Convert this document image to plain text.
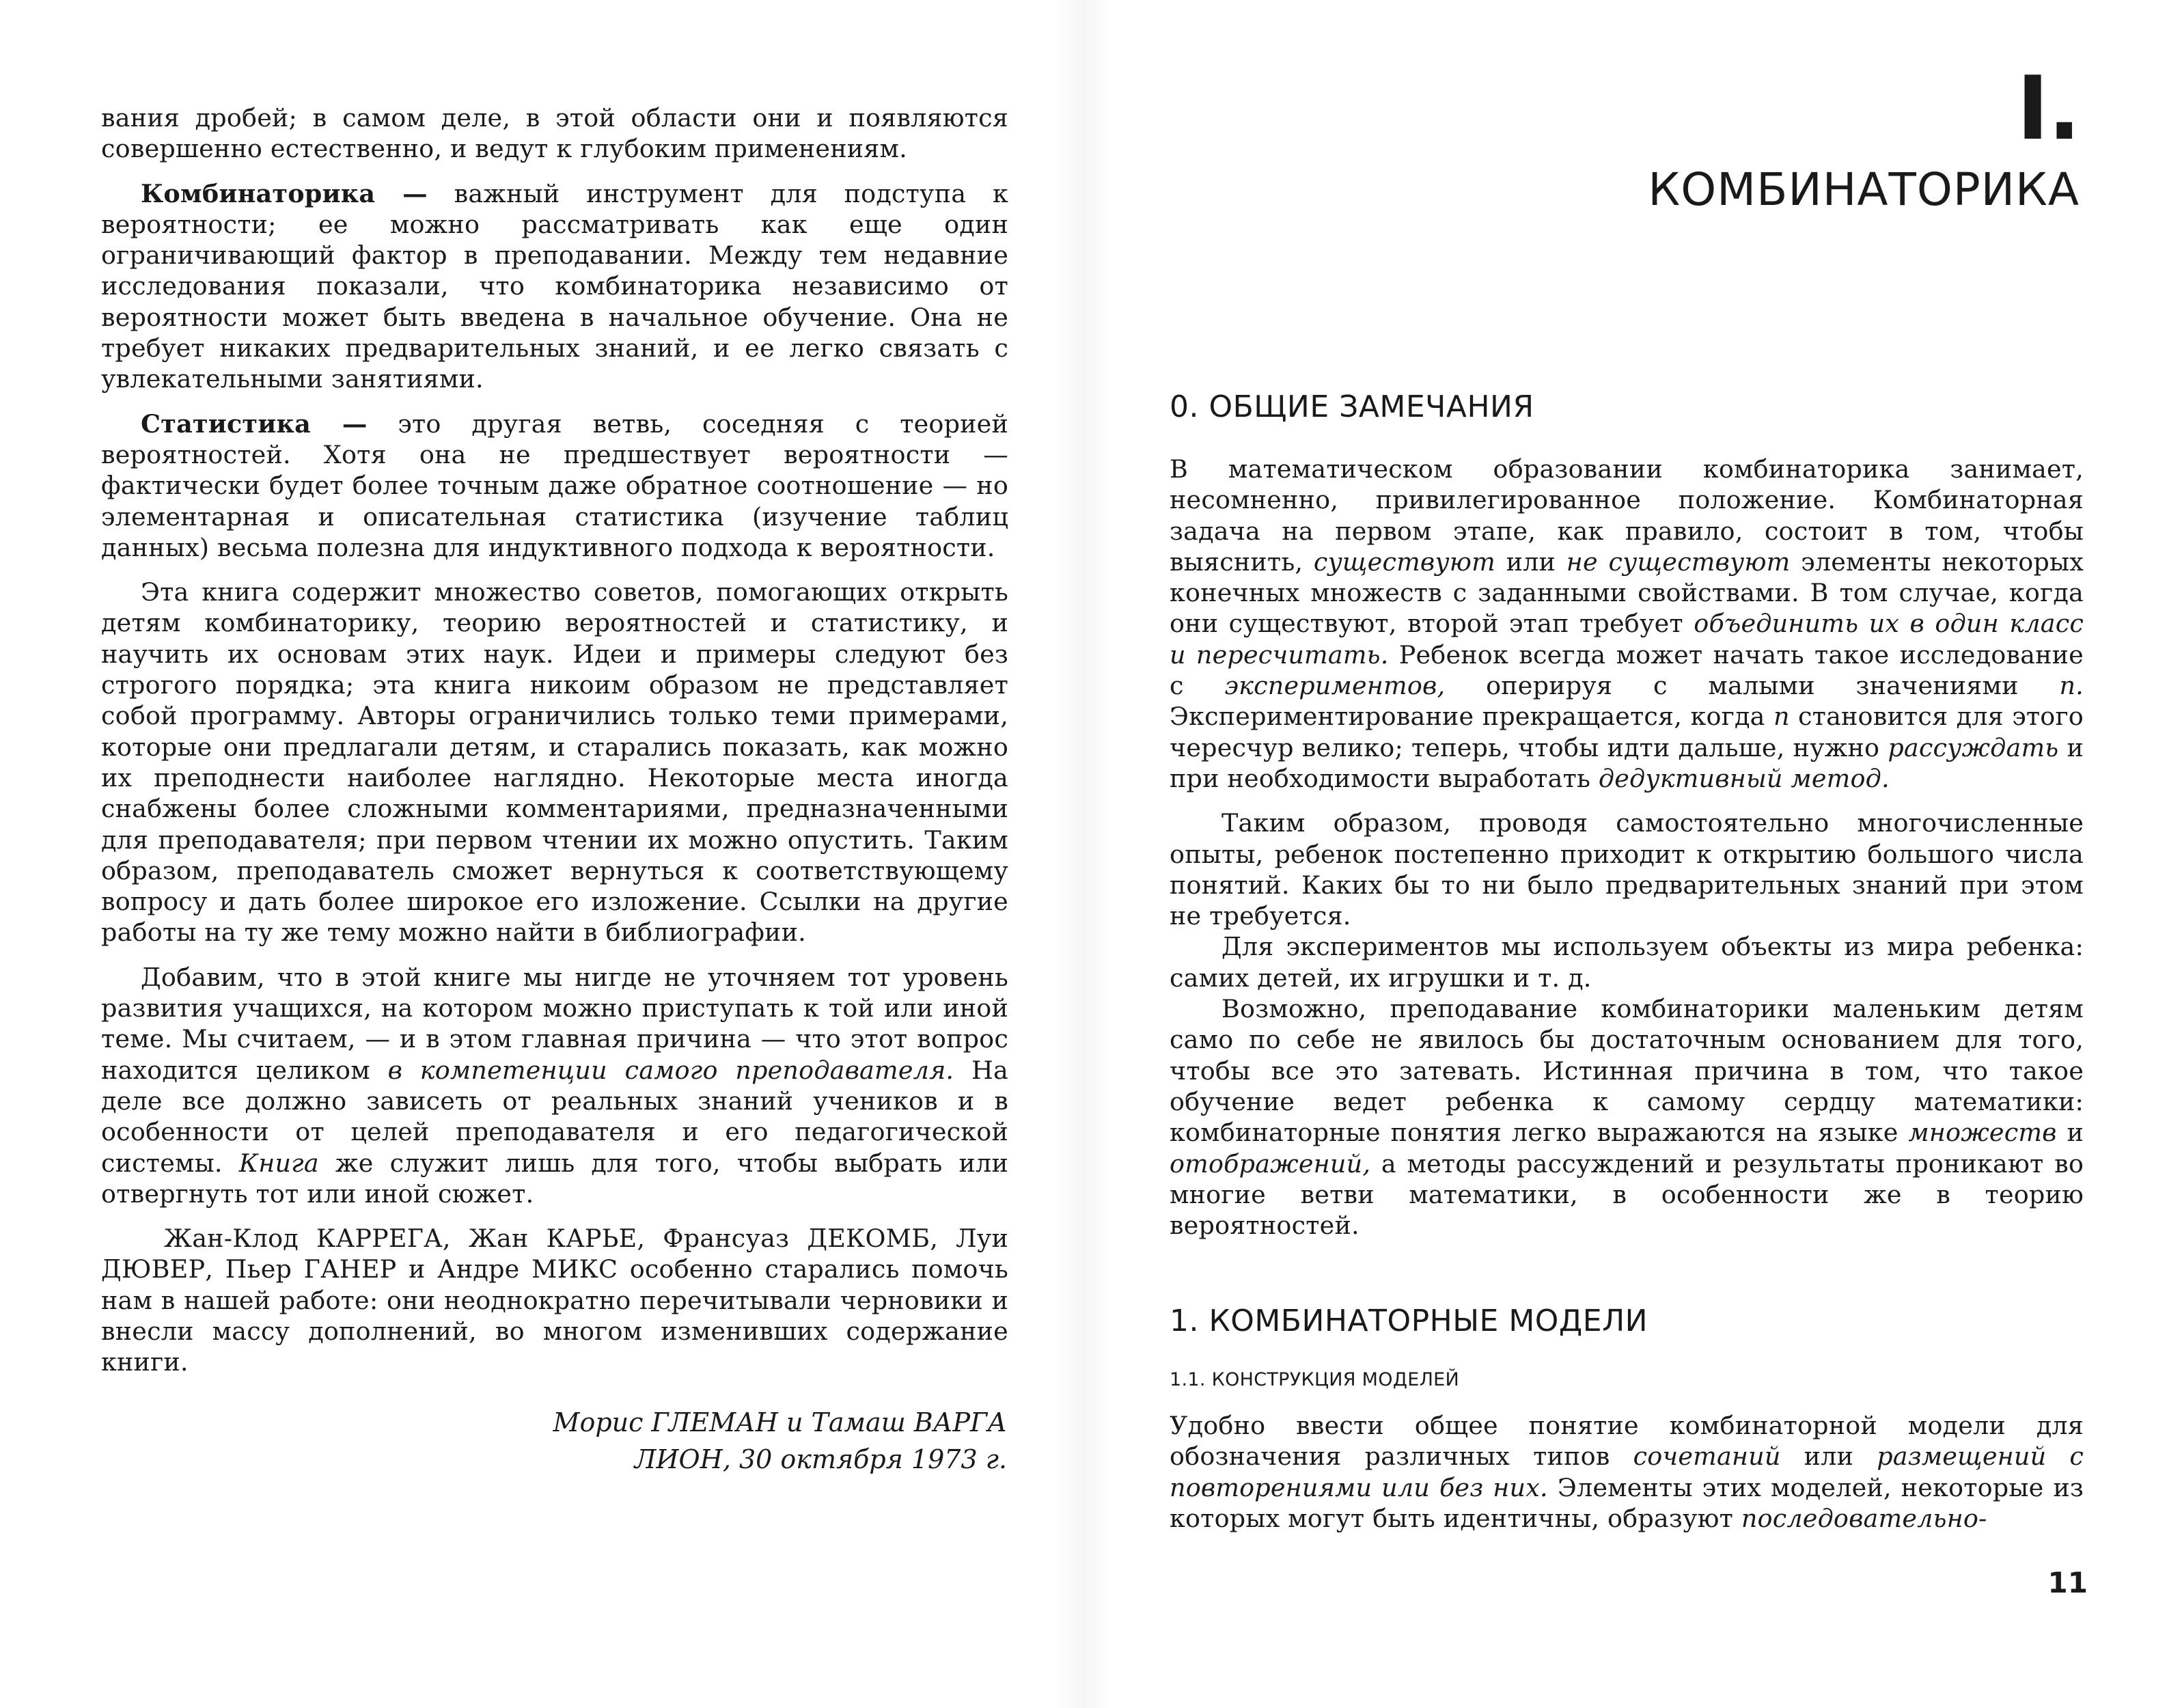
вания дробей; в самом деле, в этой области они и появляются совершенно естественно, и ведут к глубоким применениям.

Комбинаторика — важный инструмент для подступа к вероятности; ее можно рассматривать как еще один ограничивающий фактор в преподавании. Между тем недавние исследования показали, что комбинаторика независимо от вероятности может быть введена в начальное обучение. Она не требует никаких предварительных знаний, и ее легко связать с увлекательными занятиями.

Статистика — это другая ветвь, соседняя с теорией вероятностей. Хотя она не предшествует вероятности — фактически будет более точным даже обратное соотношение — но элементарная и описательная статистика (изучение таблиц данных) весьма полезна для индуктивного подхода к вероятности.

Эта книга содержит множество советов, помогающих открыть детям комбинаторику, теорию вероятностей и статистику, и научить их основам этих наук. Идеи и примеры следуют без строгого порядка; эта книга никоим образом не представляет собой программу. Авторы ограничились только теми примерами, которые они предлагали детям, и старались показать, как можно их преподнести наиболее наглядно. Некоторые места иногда снабжены более сложными комментариями, предназначенными для преподавателя; при первом чтении их можно опустить. Таким образом, преподаватель сможет вернуться к соответствующему вопросу и дать более широкое его изложение. Ссылки на другие работы на ту же тему можно найти в библиографии.

Добавим, что в этой книге мы нигде не уточняем тот уровень развития учащихся, на котором можно приступать к той или иной теме. Мы считаем, — и в этом главная причина — что этот вопрос находится целиком в компетенции самого преподавателя. На деле все должно зависеть от реальных знаний учеников и в особенности от целей преподавателя и его педагогической системы. Книга же служит лишь для того, чтобы выбрать или отвергнуть тот или иной сюжет.

Жан-Клод КАРРЕГА, Жан КАРЬЕ, Франсуаз ДЕКОМБ, Луи ДЮВЕР, Пьер ГАНЕР и Андре МИКС особенно старались помочь нам в нашей работе: они неоднократно перечитывали черновики и внесли массу дополнений, во многом изменивших содержание книги.

Морис ГЛЕМАН и Тамаш ВАРГА
ЛИОН, 30 октября 1973 г.
I.
КОМБИНАТОРИКА
0. ОБЩИЕ ЗАМЕЧАНИЯ

В математическом образовании комбинаторика занимает, несомненно, привилегированное положение. Комбинаторная задача на первом этапе, как правило, состоит в том, чтобы выяснить, существуют или не существуют элементы некоторых конечных множеств с заданными свойствами. В том случае, когда они существуют, второй этап требует объединить их в один класс и пересчитать. Ребенок всегда может начать такое исследование с экспериментов, оперируя с малыми значениями n. Экспериментирование прекращается, когда n становится для этого чересчур велико; теперь, чтобы идти дальше, нужно рассуждать и при необходимости выработать дедуктивный метод.

Таким образом, проводя самостоятельно многочисленные опыты, ребенок постепенно приходит к открытию большого числа понятий. Каких бы то ни было предварительных знаний при этом не требуется.

Для экспериментов мы используем объекты из мира ребенка: самих детей, их игрушки и т. д.

Возможно, преподавание комбинаторики маленьким детям само по себе не явилось бы достаточным основанием для того, чтобы все это затевать. Истинная причина в том, что такое обучение ведет ребенка к самому сердцу математики: комбинаторные понятия легко выражаются на языке множеств и отображений, а методы рассуждений и результаты проникают во многие ветви математики, в особенности же в теорию вероятностей.

1. КОМБИНАТОРНЫЕ МОДЕЛИ
1.1. КОНСТРУКЦИЯ МОДЕЛЕЙ

Удобно ввести общее понятие комбинаторной модели для обозначения различных типов сочетаний или размещений с повторениями или без них. Элементы этих моделей, некоторые из которых могут быть идентичны, образуют последовательно-

11
